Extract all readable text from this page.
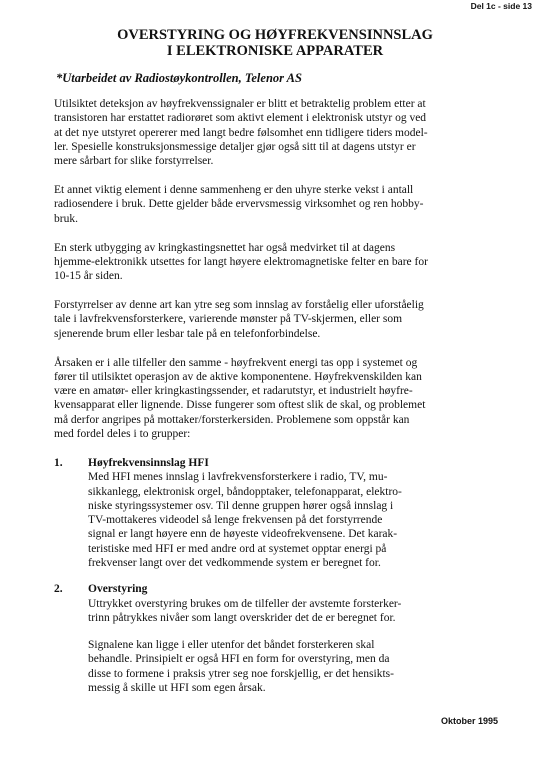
Del 1c - side 13
OVERSTYRING OG HØYFREKVENSINNSLAG
I ELEKTRONISKE APPARATER
*Utarbeidet av Radiostøykontrollen, Telenor AS
Utilsiktet deteksjon av høyfrekvenssignaler er blitt et betraktelig problem etter at
transistoren har erstattet radiorøret som aktivt element i elektronisk utstyr og ved
at det nye utstyret opererer med langt bedre følsomhet enn tidligere tiders model-
ler. Spesielle konstruksjonsmessige detaljer gjør også sitt til at dagens utstyr er
mere sårbart for slike forstyrrelser.
Et annet viktig element i denne sammenheng er den uhyre sterke vekst i antall
radiosendere i bruk. Dette gjelder både ervervsmessig virksomhet og ren hobby-
bruk.
En sterk utbygging av kringkastingsnettet har også medvirket til at dagens
hjemme-elektronikk utsettes for langt høyere elektromagnetiske felter en bare for
10-15 år siden.
Forstyrrelser av denne art kan ytre seg som innslag av forståelig eller uforståelig
tale i lavfrekvensforsterkere, varierende mønster på TV-skjermen, eller som
sjenerende brum eller lesbar tale på en telefonforbindelse.
Årsaken er i alle tilfeller den samme - høyfrekvent energi tas opp i systemet og
fører til utilsiktet operasjon av de aktive komponentene. Høyfrekvenskilden kan
være en amatør- eller kringkastingssender, et radarutstyr, et industrielt høyfre-
kvensapparat eller lignende. Disse fungerer som oftest slik de skal, og problemet
må derfor angripes på mottaker/forsterkersiden. Problemene som oppstår kan
med fordel deles i to grupper:
1. Høyfrekvensinnslag HFI
Med HFI menes innslag i lavfrekvensforsterkere i radio, TV, mu-
sikkanlegg, elektronisk orgel, båndopptaker, telefonapparat, elektro-
niske styringssystemer osv. Til denne gruppen hører også innslag i
TV-mottakeres videodel så lenge frekvensen på det forstyrrende
signal er langt høyere enn de høyeste videofrekvensene. Det karak-
teristiske med HFI er med andre ord at systemet opptar energi på
frekvenser langt over det vedkommende system er beregnet for.
2. Overstyring
Uttrykket overstyring brukes om de tilfeller der avstemte forsterker-
trinn påtrykkes nivåer som langt overskrider det de er beregnet for.
Signalene kan ligge i eller utenfor det båndet forsterkeren skal
behandle. Prinsipielt er også HFI en form for overstyring, men da
disse to formene i praksis ytrer seg noe forskjellig, er det hensikts-
messig å skille ut HFI som egen årsak.
Oktober 1995
